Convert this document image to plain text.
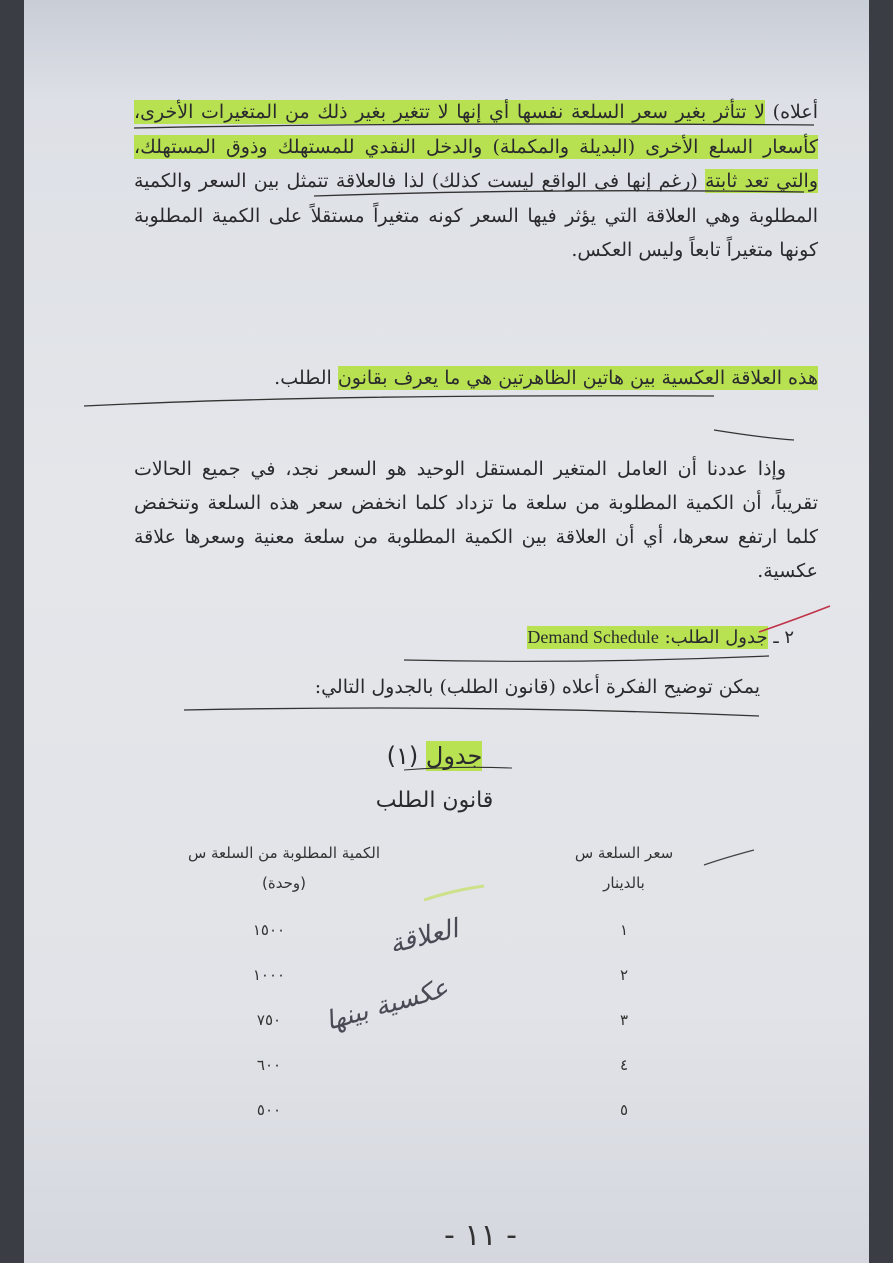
أعلاه) لا تتأثر بغير سعر السلعة نفسها أي إنها لا تتغير بغير ذلك من المتغيرات الأخرى، كأسعار السلع الأخرى (البديلة والمكملة) والدخل النقدي للمستهلك وذوق المستهلك، والتي تعد ثابتة (رغم إنها في الواقع ليست كذلك) لذا فالعلاقة تتمثل بين السعر والكمية المطلوبة وهي العلاقة التي يؤثر فيها السعر كونه متغيراً مستقلاً على الكمية المطلوبة كونها متغيراً تابعاً وليس العكس.
هذه العلاقة العكسية بين هاتين الظاهرتين هي ما يعرف بقانون الطلب.
وإذا عددنا أن العامل المتغير المستقل الوحيد هو السعر نجد، في جميع الحالات تقريباً، أن الكمية المطلوبة من سلعة ما تزداد كلما انخفض سعر هذه السلعة وتنخفض كلما ارتفع سعرها، أي أن العلاقة بين الكمية المطلوبة من سلعة معنية وسعرها علاقة عكسية.
٢ ـ جدول الطلب: Demand Schedule
يمكن توضيح الفكرة أعلاه (قانون الطلب) بالجدول التالي:
جدول (١)
قانون الطلب
سعر السلعة س
بالدينار
الكمية المطلوبة من السلعة س
(وحدة)
١
٢
٣
٤
٥
١٥٠٠
١٠٠٠
٧٥٠
٦٠٠
٥٠٠
العلاقة
عكسية بينها
- ١١ -
